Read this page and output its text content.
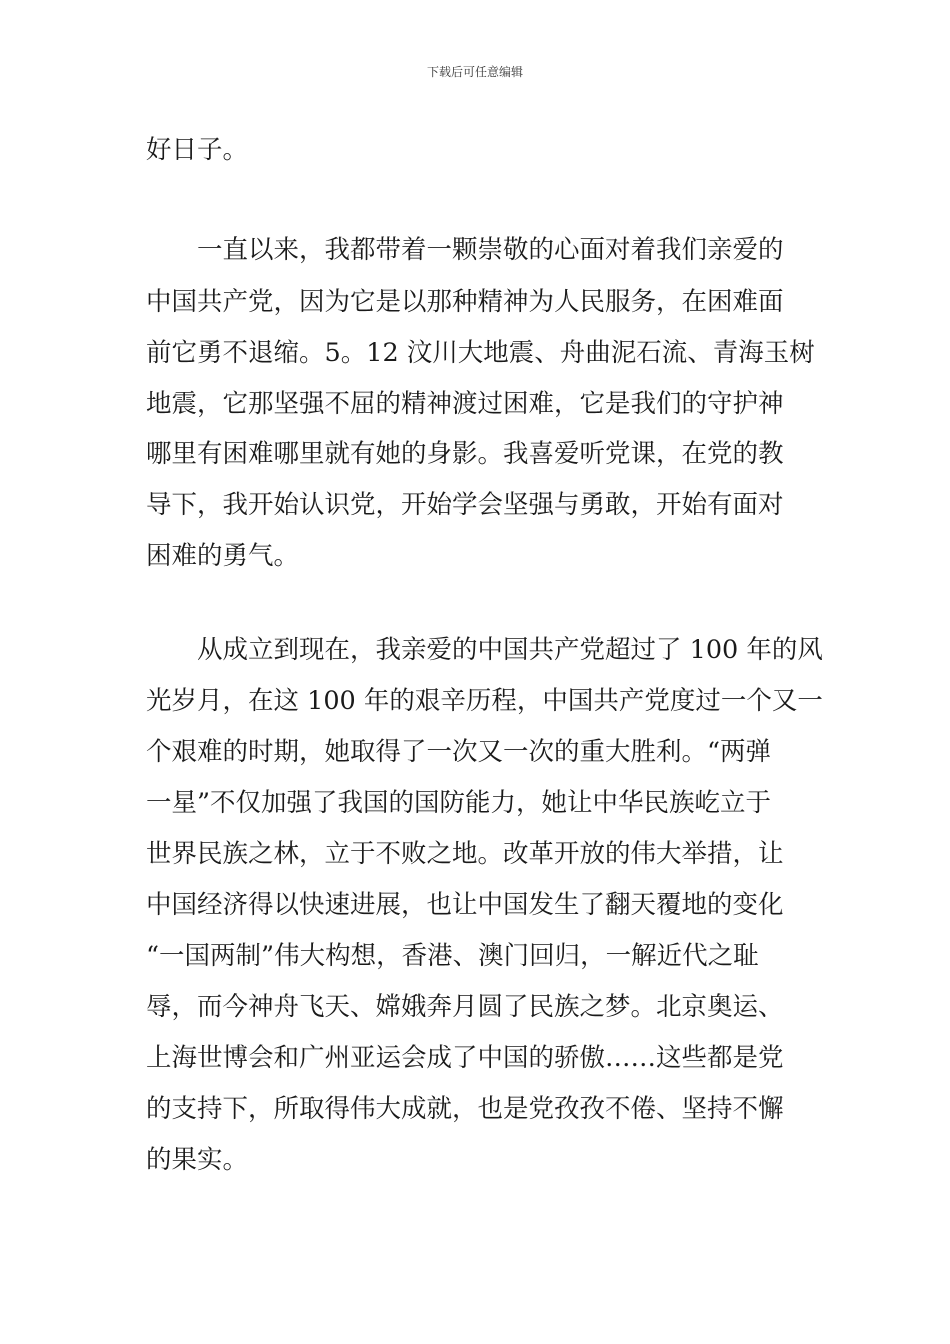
下载后可任意编辑
好日子。
　　一直以来，我都带着一颗崇敬的心面对着我们亲爱的
中国共产党，因为它是以那种精神为人民服务，在困难面
前它勇不退缩。5。12 汶川大地震、舟曲泥石流、青海玉树
地震，它那坚强不屈的精神渡过困难，它是我们的守护神
哪里有困难哪里就有她的身影。我喜爱听党课，在党的教
导下，我开始认识党，开始学会坚强与勇敢，开始有面对
困难的勇气。
　　从成立到现在，我亲爱的中国共产党超过了 100 年的风
光岁月，在这 100 年的艰辛历程，中国共产党度过一个又一
个艰难的时期，她取得了一次又一次的重大胜利。“两弹
一星”不仅加强了我国的国防能力，她让中华民族屹立于
世界民族之林，立于不败之地。改革开放的伟大举措，让
中国经济得以快速进展，也让中国发生了翻天覆地的变化
“一国两制”伟大构想，香港、澳门回归，一解近代之耻
辱，而今神舟飞天、嫦娥奔月圆了民族之梦。北京奥运、
上海世博会和广州亚运会成了中国的骄傲……这些都是党
的支持下，所取得伟大成就，也是党孜孜不倦、坚持不懈
的果实。
